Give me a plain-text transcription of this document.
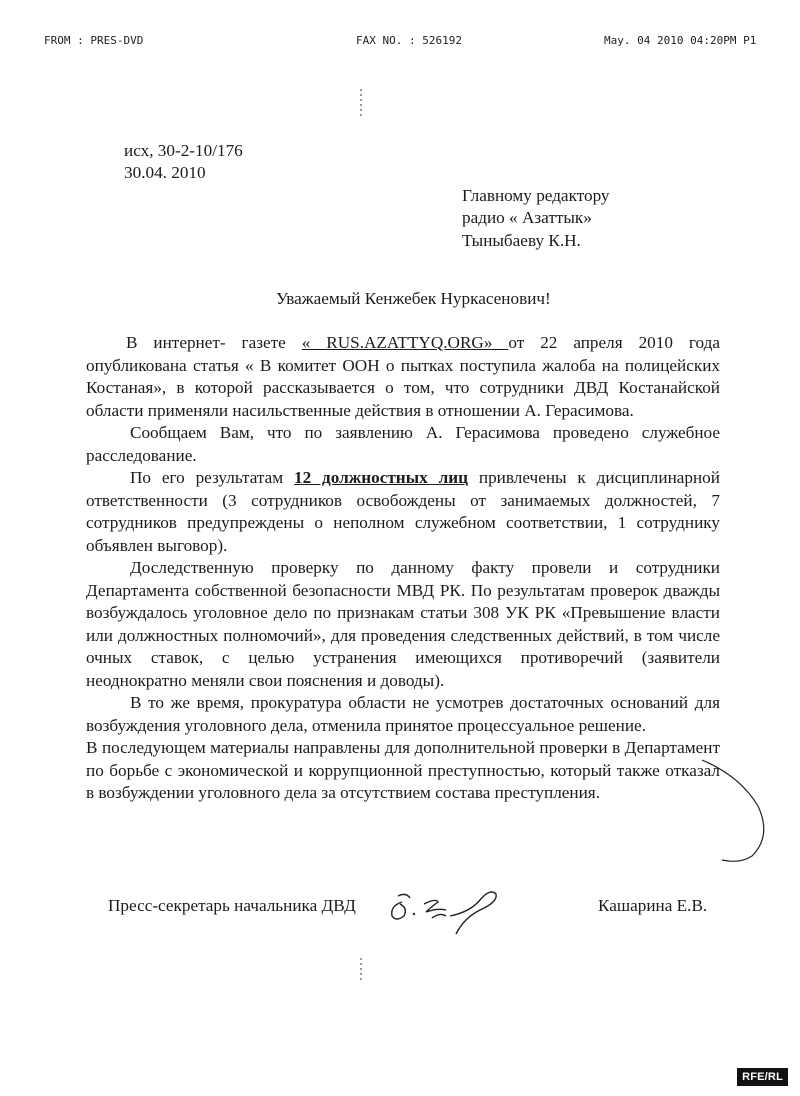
FROM : PRES-DVD	FAX NO. : 526192	May. 04 2010 04:20PM P1
исх, 30-2-10/176
30.04. 2010
Главному редактору
радио « Азаттык»
Тыныбаеву К.Н.
Уважаемый Кенжебек Нуркасенович!

В интернет- газете « RUS.AZATTYQ.ORG» от 22 апреля 2010 года опубликована статья « В комитет ООН о пытках поступила жалоба на полицейских Костаная», в которой рассказывается о том, что сотрудники ДВД Костанайской области применяли насильственные действия в отношении А. Герасимова.

Сообщаем Вам, что по заявлению А. Герасимова проведено служебное расследование.

По его результатам 12 должностных лиц привлечены к дисциплинарной ответственности (3 сотрудников освобождены от занимаемых должностей, 7 сотрудников предупреждены о неполном служебном соответствии, 1 сотруднику объявлен выговор).

Доследственную проверку по данному факту провели и сотрудники Департамента собственной безопасности МВД РК. По результатам проверок дважды возбуждалось уголовное дело по признакам статьи 308 УК РК «Превышение власти или должностных полномочий», для проведения следственных действий, в том числе очных ставок, с целью устранения имеющихся противоречий (заявители неоднократно меняли свои пояснения и доводы).

В то же время, прокуратура области не усмотрев достаточных оснований для возбуждения уголовного дела, отменила принятое процессуальное решение.

В последующем материалы направлены для дополнительной проверки в Департамент по борьбе с экономической и коррупционной преступностью, который также отказал в возбуждении уголовного дела за отсутствием состава преступления.

Пресс-секретарь начальника ДВД	Кашарина Е.В.
RFE/RL
